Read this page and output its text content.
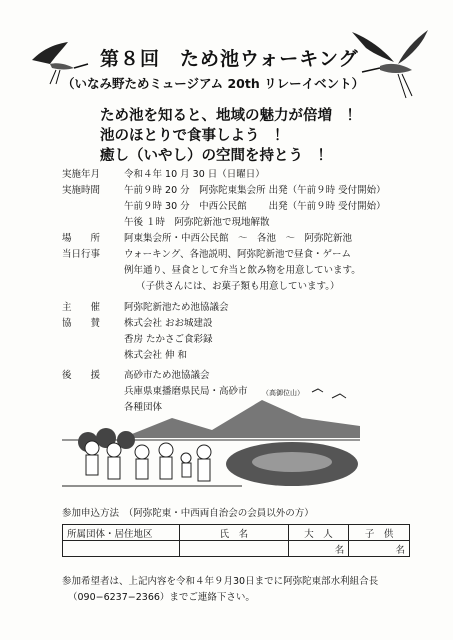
第８回　ため池ウォーキング
（いなみ野ためミュージアム 20th リレーイベント）
ため池を知ると、地域の魅力が倍増　！
池のほとりで食事しよう　！
癒し（いやし）の空間を持とう　！
実施年月	令和４年 10 月 30 日（日曜日）
実施時間	午前９時 20 分　阿弥陀東集会所 出発（午前９時 受付開始）
午前９時 30 分　中西公民館　　 出発（午前９時 受付開始）
午後 １時　阿弥陀新池で現地解散
場　　所	阿東集会所・中西公民館　〜　各池　〜　阿弥陀新池
当日行事	ウォーキング、各池説明、阿弥陀新池で昼食・ゲーム
例年通り、昼食として弁当と飲み物を用意しています。
（子供さんには、お菓子類も用意しています。）
主　　催	阿弥陀新池ため池協議会
協　　賛	株式会社 おお城建設
香房 たかさご食彩録
株式会社 伸 和
後　　援	高砂市ため池協議会
兵庫県東播磨県民局・高砂市
各種団体
（高御位山）
参加申込方法　（阿弥陀東・中西両自治会の会員以外の方）
所属団体・居住地区	氏　名	大　人	子　供
		名	名
参加希望者は、上記内容を令和４年９月30日までに阿弥陀東部水利組合長
（090−6237−2366）までご連絡下さい。
